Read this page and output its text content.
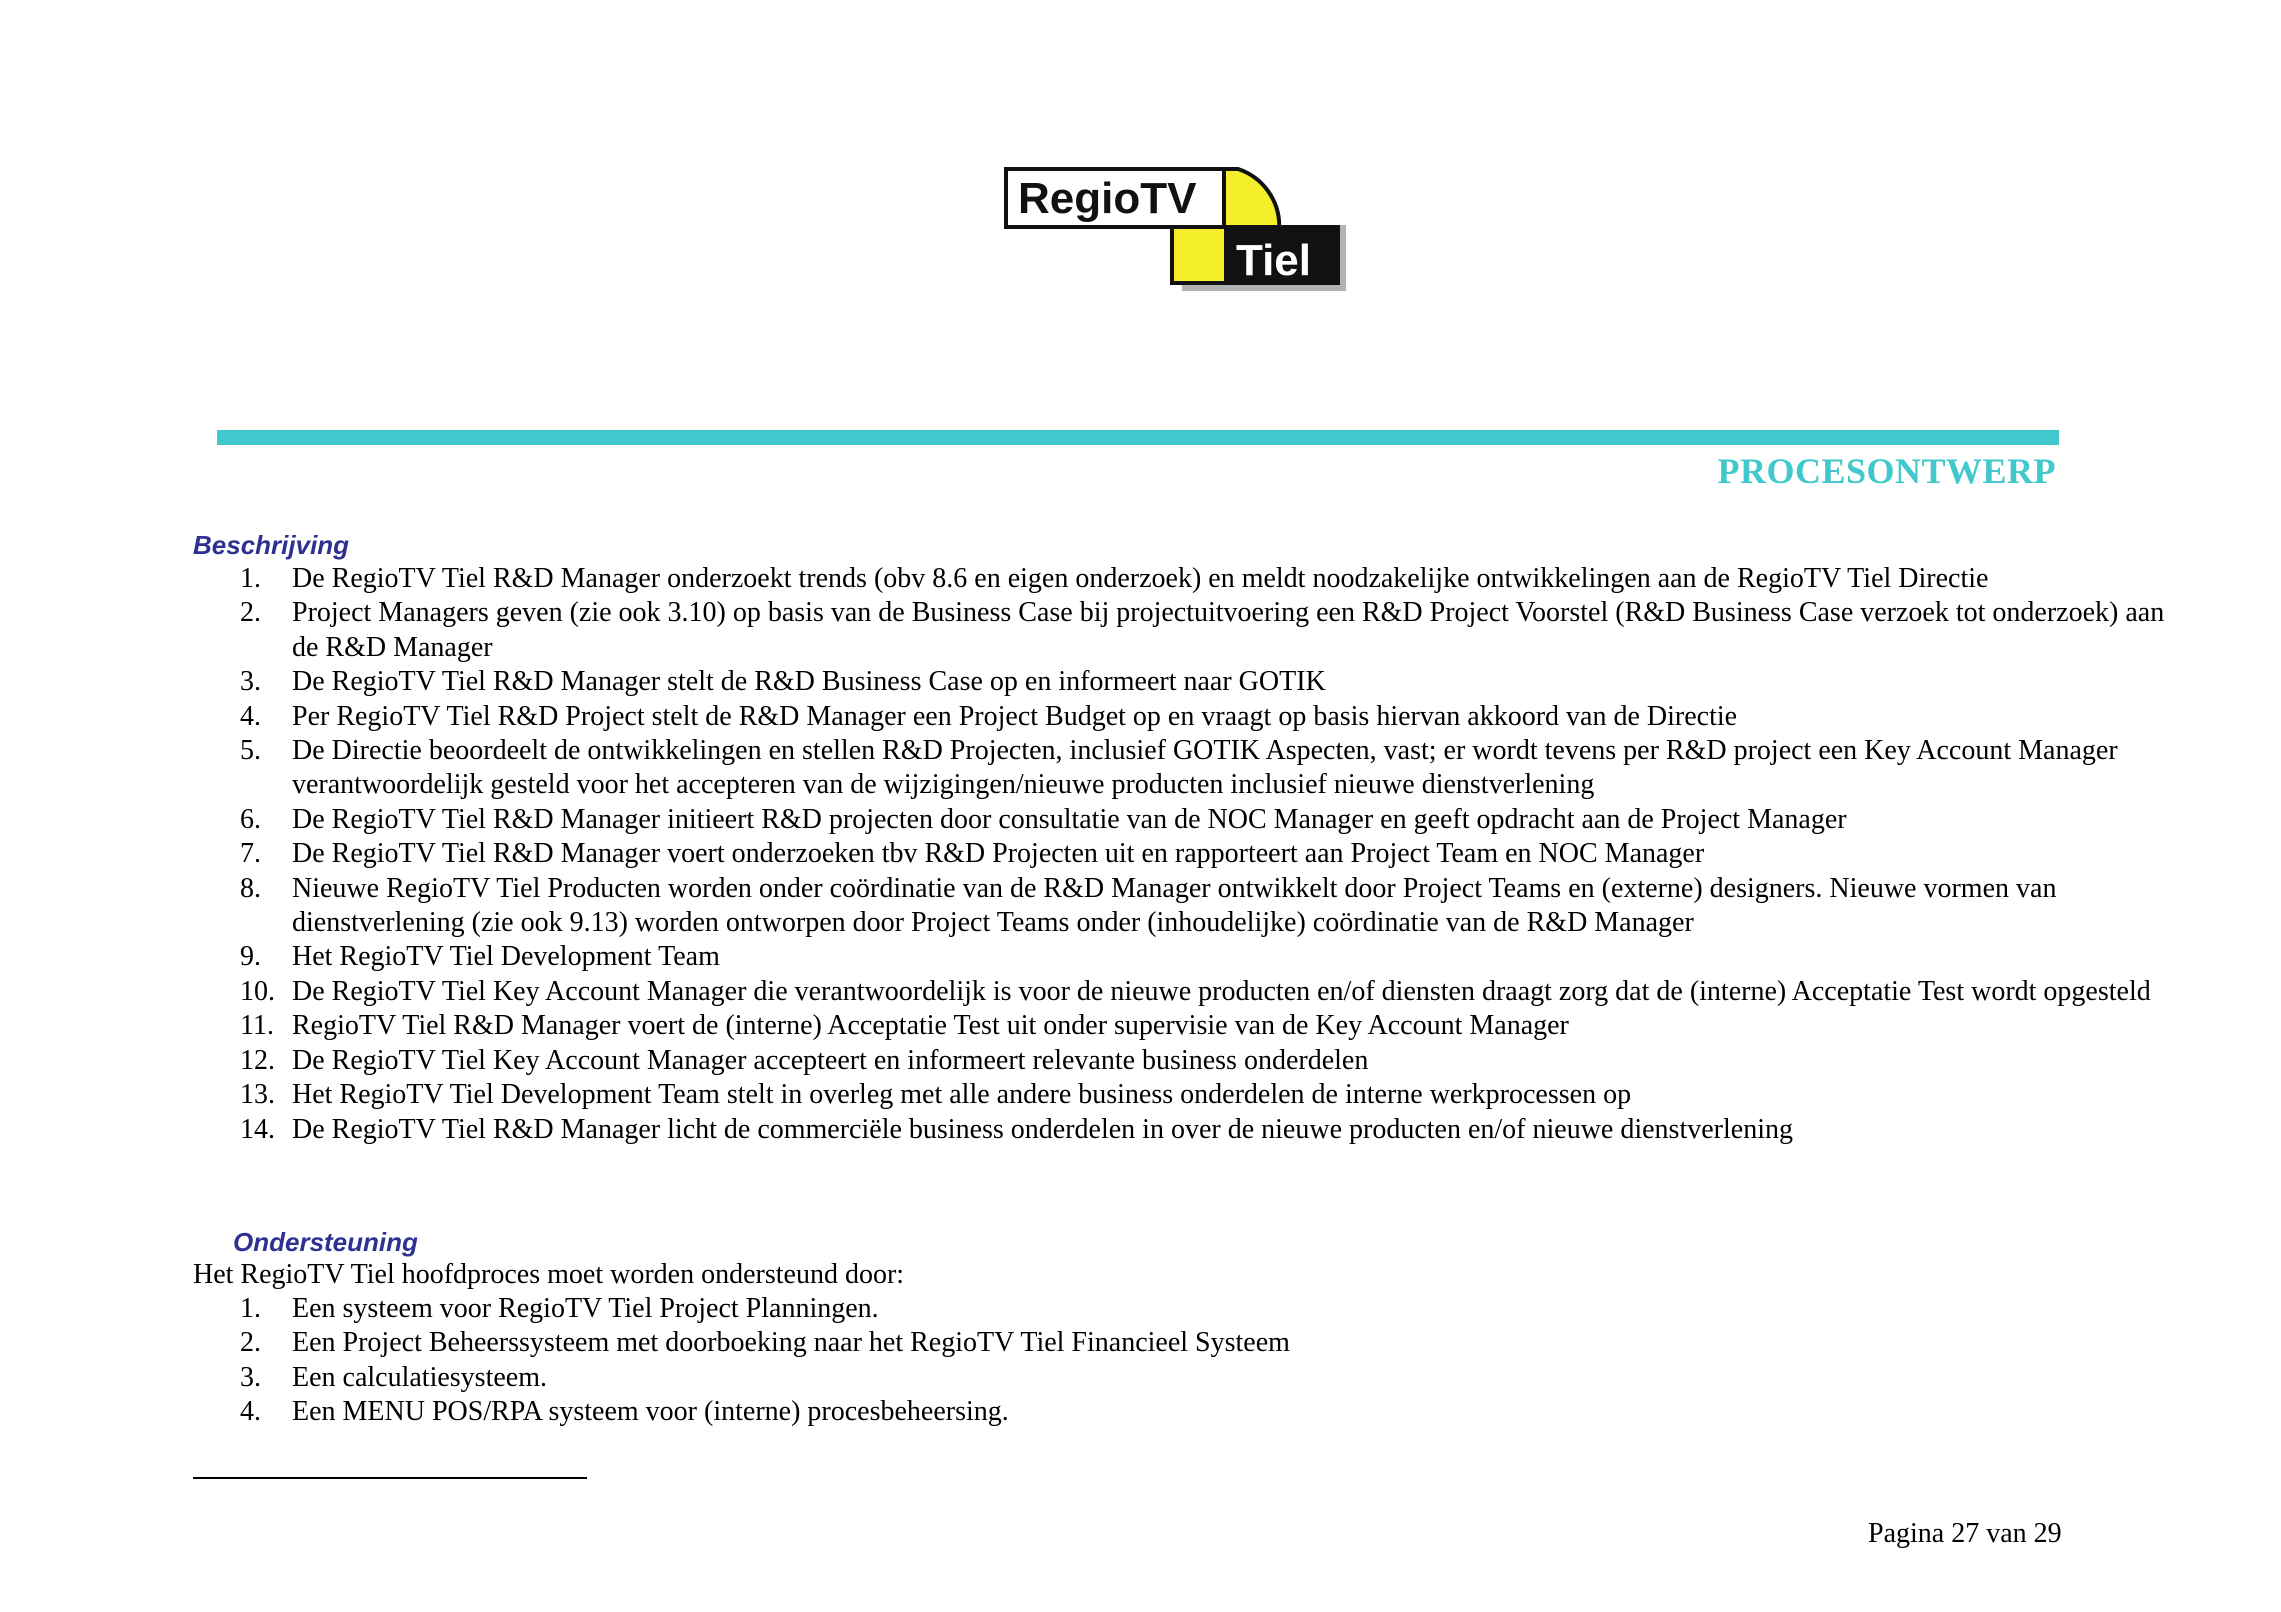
RegioTV
Tiel
PROCESONTWERP
Beschrijving
1. De RegioTV Tiel R&D Manager onderzoekt trends (obv 8.6 en eigen onderzoek) en meldt noodzakelijke ontwikkelingen aan de RegioTV Tiel Directie
2. Project Managers geven (zie ook 3.10) op basis van de Business Case bij projectuitvoering een R&D Project Voorstel (R&D Business Case verzoek tot onderzoek) aan de R&D Manager
3. De RegioTV Tiel R&D Manager stelt de R&D Business Case op en informeert naar GOTIK
4. Per RegioTV Tiel R&D Project stelt de R&D Manager een Project Budget op en vraagt op basis hiervan akkoord van de Directie
5. De Directie beoordeelt de ontwikkelingen en stellen R&D Projecten, inclusief GOTIK Aspecten, vast; er wordt tevens per R&D project een Key Account Manager verantwoordelijk gesteld voor het accepteren van de wijzigingen/nieuwe producten inclusief nieuwe dienstverlening
6. De RegioTV Tiel R&D Manager initieert R&D projecten door consultatie van de NOC Manager en geeft opdracht aan de Project Manager
7. De RegioTV Tiel R&D Manager voert onderzoeken tbv R&D Projecten uit en rapporteert aan Project Team en NOC Manager
8. Nieuwe RegioTV Tiel Producten worden onder coördinatie van de R&D Manager ontwikkelt door Project Teams en (externe) designers. Nieuwe vormen van dienstverlening (zie ook 9.13) worden ontworpen door Project Teams onder (inhoudelijke) coördinatie van de R&D Manager
9. Het RegioTV Tiel Development Team
10. De RegioTV Tiel Key Account Manager die verantwoordelijk is voor de nieuwe producten en/of diensten draagt zorg dat de (interne) Acceptatie Test wordt opgesteld
11. RegioTV Tiel R&D Manager voert de (interne) Acceptatie Test uit onder supervisie van de Key Account Manager
12. De RegioTV Tiel Key Account Manager accepteert en informeert relevante business onderdelen
13. Het RegioTV Tiel Development Team stelt in overleg met alle andere business onderdelen de interne werkprocessen op
14. De RegioTV Tiel R&D Manager licht de commerciële business onderdelen in over de nieuwe producten en/of nieuwe dienstverlening
Ondersteuning
Het RegioTV Tiel hoofdproces moet worden ondersteund door:
1. Een systeem voor RegioTV Tiel Project Planningen.
2. Een Project Beheerssysteem met doorboeking naar het RegioTV Tiel Financieel Systeem
3. Een calculatiesysteem.
4. Een MENU POS/RPA systeem voor (interne) procesbeheersing.
Pagina 27 van 29
